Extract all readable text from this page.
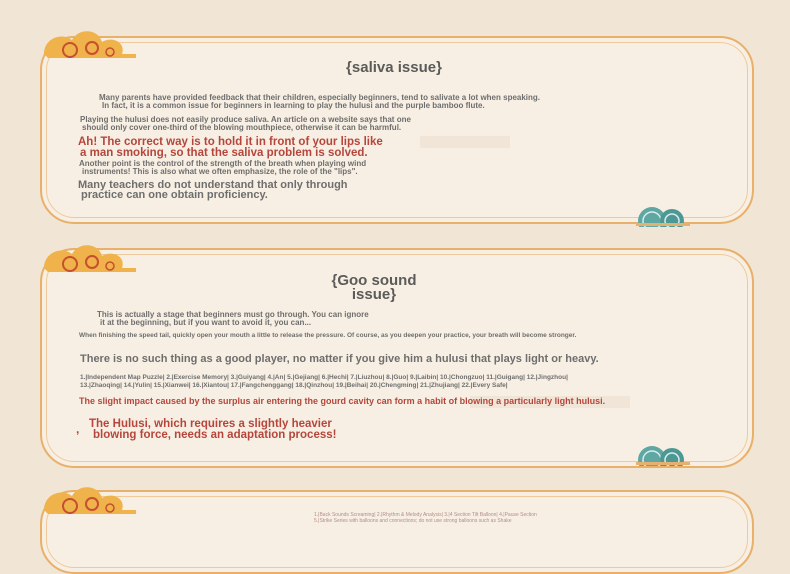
{saliva issue}
Many parents have provided feedback that their children, especially beginners, tend to salivate a lot when speaking.
In fact, it is a common issue for beginners in learning to play the hulusi and the purple bamboo flute.
Playing the hulusi does not easily produce saliva. An article on a website says that one
should only cover one-third of the blowing mouthpiece, otherwise it can be harmful.
Ah! The correct way is to hold it in front of your lips like
a man smoking, so that the saliva problem is solved.
Another point is the control of the strength of the breath when playing wind
instruments! This is also what we often emphasize, the role of the "lips".
Many teachers do not understand that only through
practice can one obtain proficiency.
{Goo sound
issue}
This is actually a stage that beginners must go through. You can ignore
it at the beginning, but if you want to avoid it, you can...
When finishing the speed tail, quickly open your mouth a little to release the pressure. Of course, as you deepen your practice, your breath will become stronger.
There is no such thing as a good player, no matter if you give him a hulusi that plays light or heavy.
1.|Independent Map Puzzle| 2.|Exercise Memory| 3.|Guiyang| 4.|An| 5.|Gejiang| 6.|Hechi| 7.|Liuzhou| 8.|Guo| 9.|Laibin| 10.|Chongzuo| 11.|Guigang| 12.|Jingzhou|
13.|Zhaoqing| 14.|Yulin| 15.|Xianwei| 16.|Xiantou| 17.|Fangchenggang| 18.|Qinzhou| 19.|Beihai| 20.|Chengming| 21.|Zhujiang| 22.|Every Safe|
The slight impact caused by the surplus air entering the gourd cavity can form a habit of blowing a particularly light hulusi.
, The Hulusi, which requires a slightly heavier
blowing force, needs an adaptation process!
1.|Back Sounds Screaming| 2.|Rhythm & Melody Analysis| 3.|4 Section Tilt Balloon| 4.|Pause Section
5.|Strike Series with balloons and connections; do not use strong balloons such as Shake
